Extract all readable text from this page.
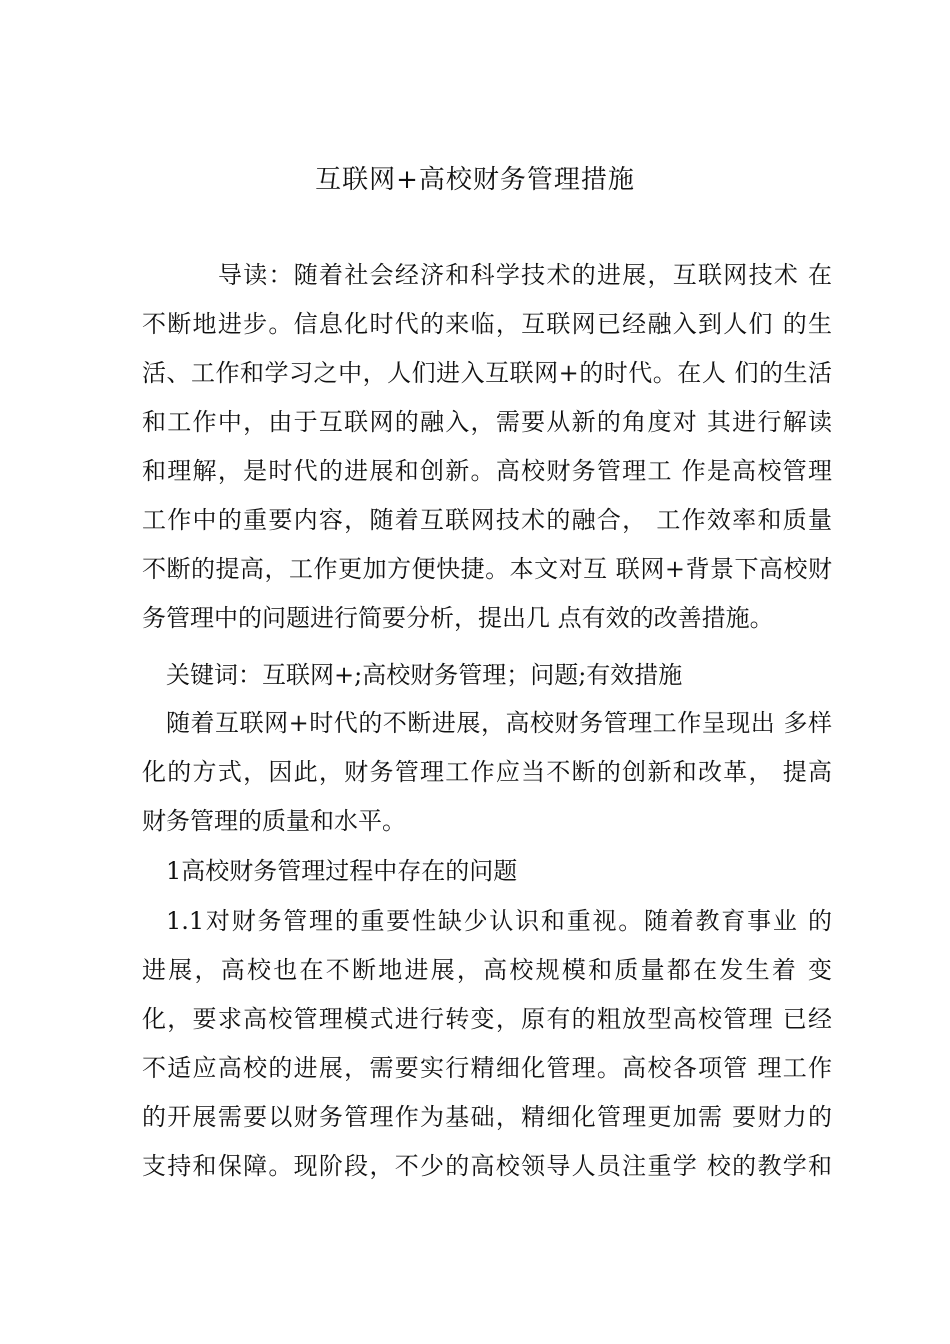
互联网+高校财务管理措施
导读：随着社会经济和科学技术的进展，互联网技术 在
不断地进步。信息化时代的来临，互联网已经融入到人们 的生
活、工作和学习之中，人们进入互联网+的时代。在人 们的生活
和工作中，由于互联网的融入，需要从新的角度对 其进行解读
和理解，是时代的进展和创新。高校财务管理工 作是高校管理
工作中的重要内容，随着互联网技术的融合， 工作效率和质量
不断的提高，工作更加方便快捷。本文对互 联网+背景下高校财
务管理中的问题进行简要分析，提出几 点有效的改善措施。
关键词：互联网+;高校财务管理；问题;有效措施
随着互联网+时代的不断进展，高校财务管理工作呈现出 多样
化的方式，因此，财务管理工作应当不断的创新和改革， 提高
财务管理的质量和水平。
1高校财务管理过程中存在的问题
1.1对财务管理的重要性缺少认识和重视。随着教育事业 的
进展，高校也在不断地进展，高校规模和质量都在发生着 变
化，要求高校管理模式进行转变，原有的粗放型高校管理 已经
不适应高校的进展，需要实行精细化管理。高校各项管 理工作
的开展需要以财务管理作为基础，精细化管理更加需 要财力的
支持和保障。现阶段，不少的高校领导人员注重学 校的教学和
